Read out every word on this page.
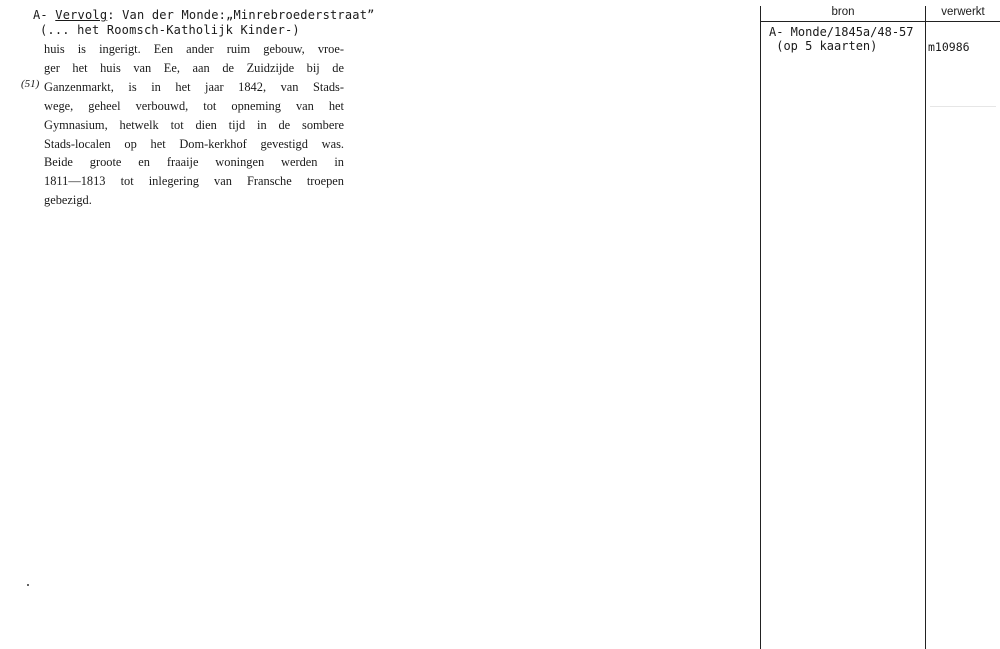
A- Vervolg: Van der Monde:„Minrebroederstraat”
(... het Roomsch-Katholijk Kinder-)
(51)
huis is ingerigt. Een ander ruim gebouw, vroe-
ger het huis van Ee, aan de Zuidzijde bij de
Ganzenmarkt, is in het jaar 1842, van Stads-
wege, geheel verbouwd, tot opneming van het
Gymnasium, hetwelk tot dien tijd in de sombere
Stads-localen op het Dom-kerkhof gevestigd was.
Beide groote en fraaije woningen werden in
1811—1813 tot inlegering van Fransche troepen
gebezigd.
bron	verwerkt
A- Monde/1845a/48-57
(op 5 kaarten)	m10986
